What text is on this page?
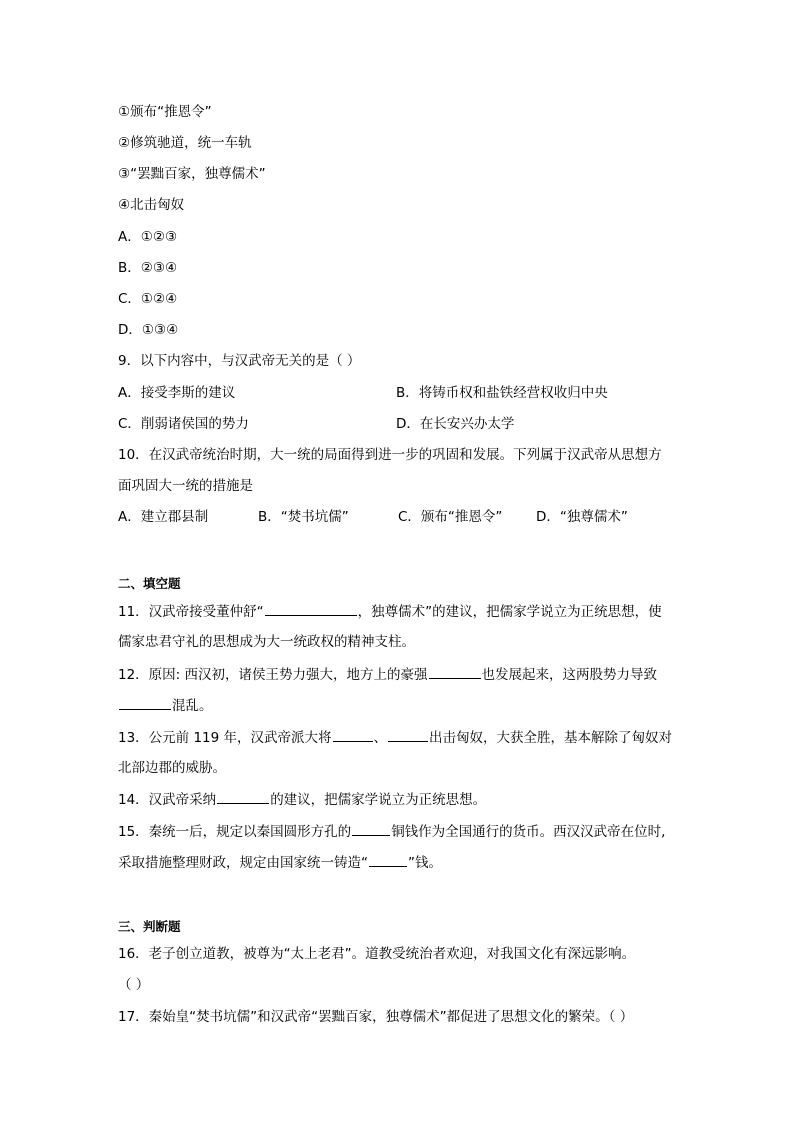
①颁布“推恩令”
②修筑驰道，统一车轨
③“罢黜百家，独尊儒术”
④北击匈奴
A．①②③
B．②③④
C．①②④
D．①③④
9．以下内容中，与汉武帝无关的是（ ）
A．接受李斯的建议	B．将铸币权和盐铁经营权收归中央
C．削弱诸侯国的势力	D．在长安兴办太学
10．在汉武帝统治时期，大一统的局面得到进一步的巩固和发展。下列属于汉武帝从思想方
面巩固大一统的措施是
A．建立郡县制	B．“焚书坑儒”	C．颁布“推恩令” D．“独尊儒术”
二、填空题
11．汉武帝接受董仲舒“	，独尊儒术”的建议，把儒家学说立为正统思想，使
儒家忠君守礼的思想成为大一统政权的精神支柱。
12．原因: 西汉初，诸侯王势力强大，地方上的豪强	也发展起来，这两股势力导致
混乱。
13．公元前 119 年，汉武帝派大将	、	出击匈奴，大获全胜，基本解除了匈奴对
北部边郡的威胁。
14．汉武帝采纳	的建议，把儒家学说立为正统思想。
15．秦统一后，规定以秦国圆形方孔的	铜钱作为全国通行的货币。西汉汉武帝在位时,
采取措施整理财政，规定由国家统一铸造“	”钱。
三、判断题
16．老子创立道教，被尊为“太上老君”。道教受统治者欢迎，对我国文化有深远影响。
（ ）
17．秦始皇“焚书坑儒”和汉武帝“罢黜百家，独尊儒术”都促进了思想文化的繁荣。（ ）
